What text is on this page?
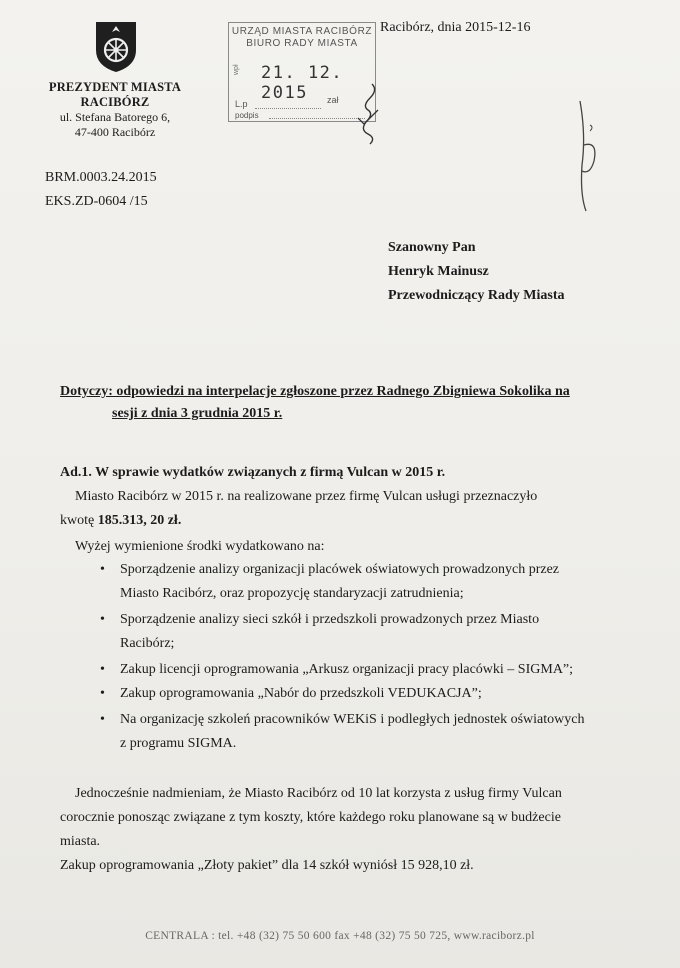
PREZYDENT MIASTA
RACIBÓRZ
ul. Stefana Batorego 6,
47-400 Racibórz
URZĄD MIASTA RACIBÓRZ
BIURO RADY MIASTA
wpł 21. 12. 2015
L.p	zał
podpis
Racibórz, dnia 2015-12-16
BRM.0003.24.2015
EKS.ZD-0604 /15
Szanowny Pan
Henryk Mainusz
Przewodniczący Rady Miasta
Dotyczy: odpowiedzi na interpelacje zgłoszone przez Radnego Zbigniewa Sokolika na
sesji z dnia 3 grudnia 2015 r.
Ad.1. W sprawie wydatków związanych z firmą Vulcan w 2015 r.
Miasto Racibórz w 2015 r. na realizowane przez firmę Vulcan usługi przeznaczyło
kwotę 185.313, 20 zł.
Wyżej wymienione środki wydatkowano na:
• Sporządzenie analizy organizacji placówek oświatowych prowadzonych przez
Miasto Racibórz, oraz propozycję standaryzacji zatrudnienia;
• Sporządzenie analizy sieci szkół i przedszkoli prowadzonych przez Miasto
Racibórz;
• Zakup licencji oprogramowania „Arkusz organizacji pracy placówki – SIGMA”;
• Zakup oprogramowania „Nabór do przedszkoli VEDUKACJA”;
• Na organizację szkoleń pracowników WEKiS i podległych jednostek oświatowych
z programu SIGMA.
Jednocześnie nadmieniam, że Miasto Racibórz od 10 lat korzysta z usług firmy Vulcan
corocznie ponosząc związane z tym koszty, które każdego roku planowane są w budżecie
miasta.
Zakup oprogramowania „Złoty pakiet” dla 14 szkół wyniósł 15 928,10 zł.
CENTRALA : tel. +48 (32) 75 50 600 fax +48 (32) 75 50 725, www.raciborz.pl
